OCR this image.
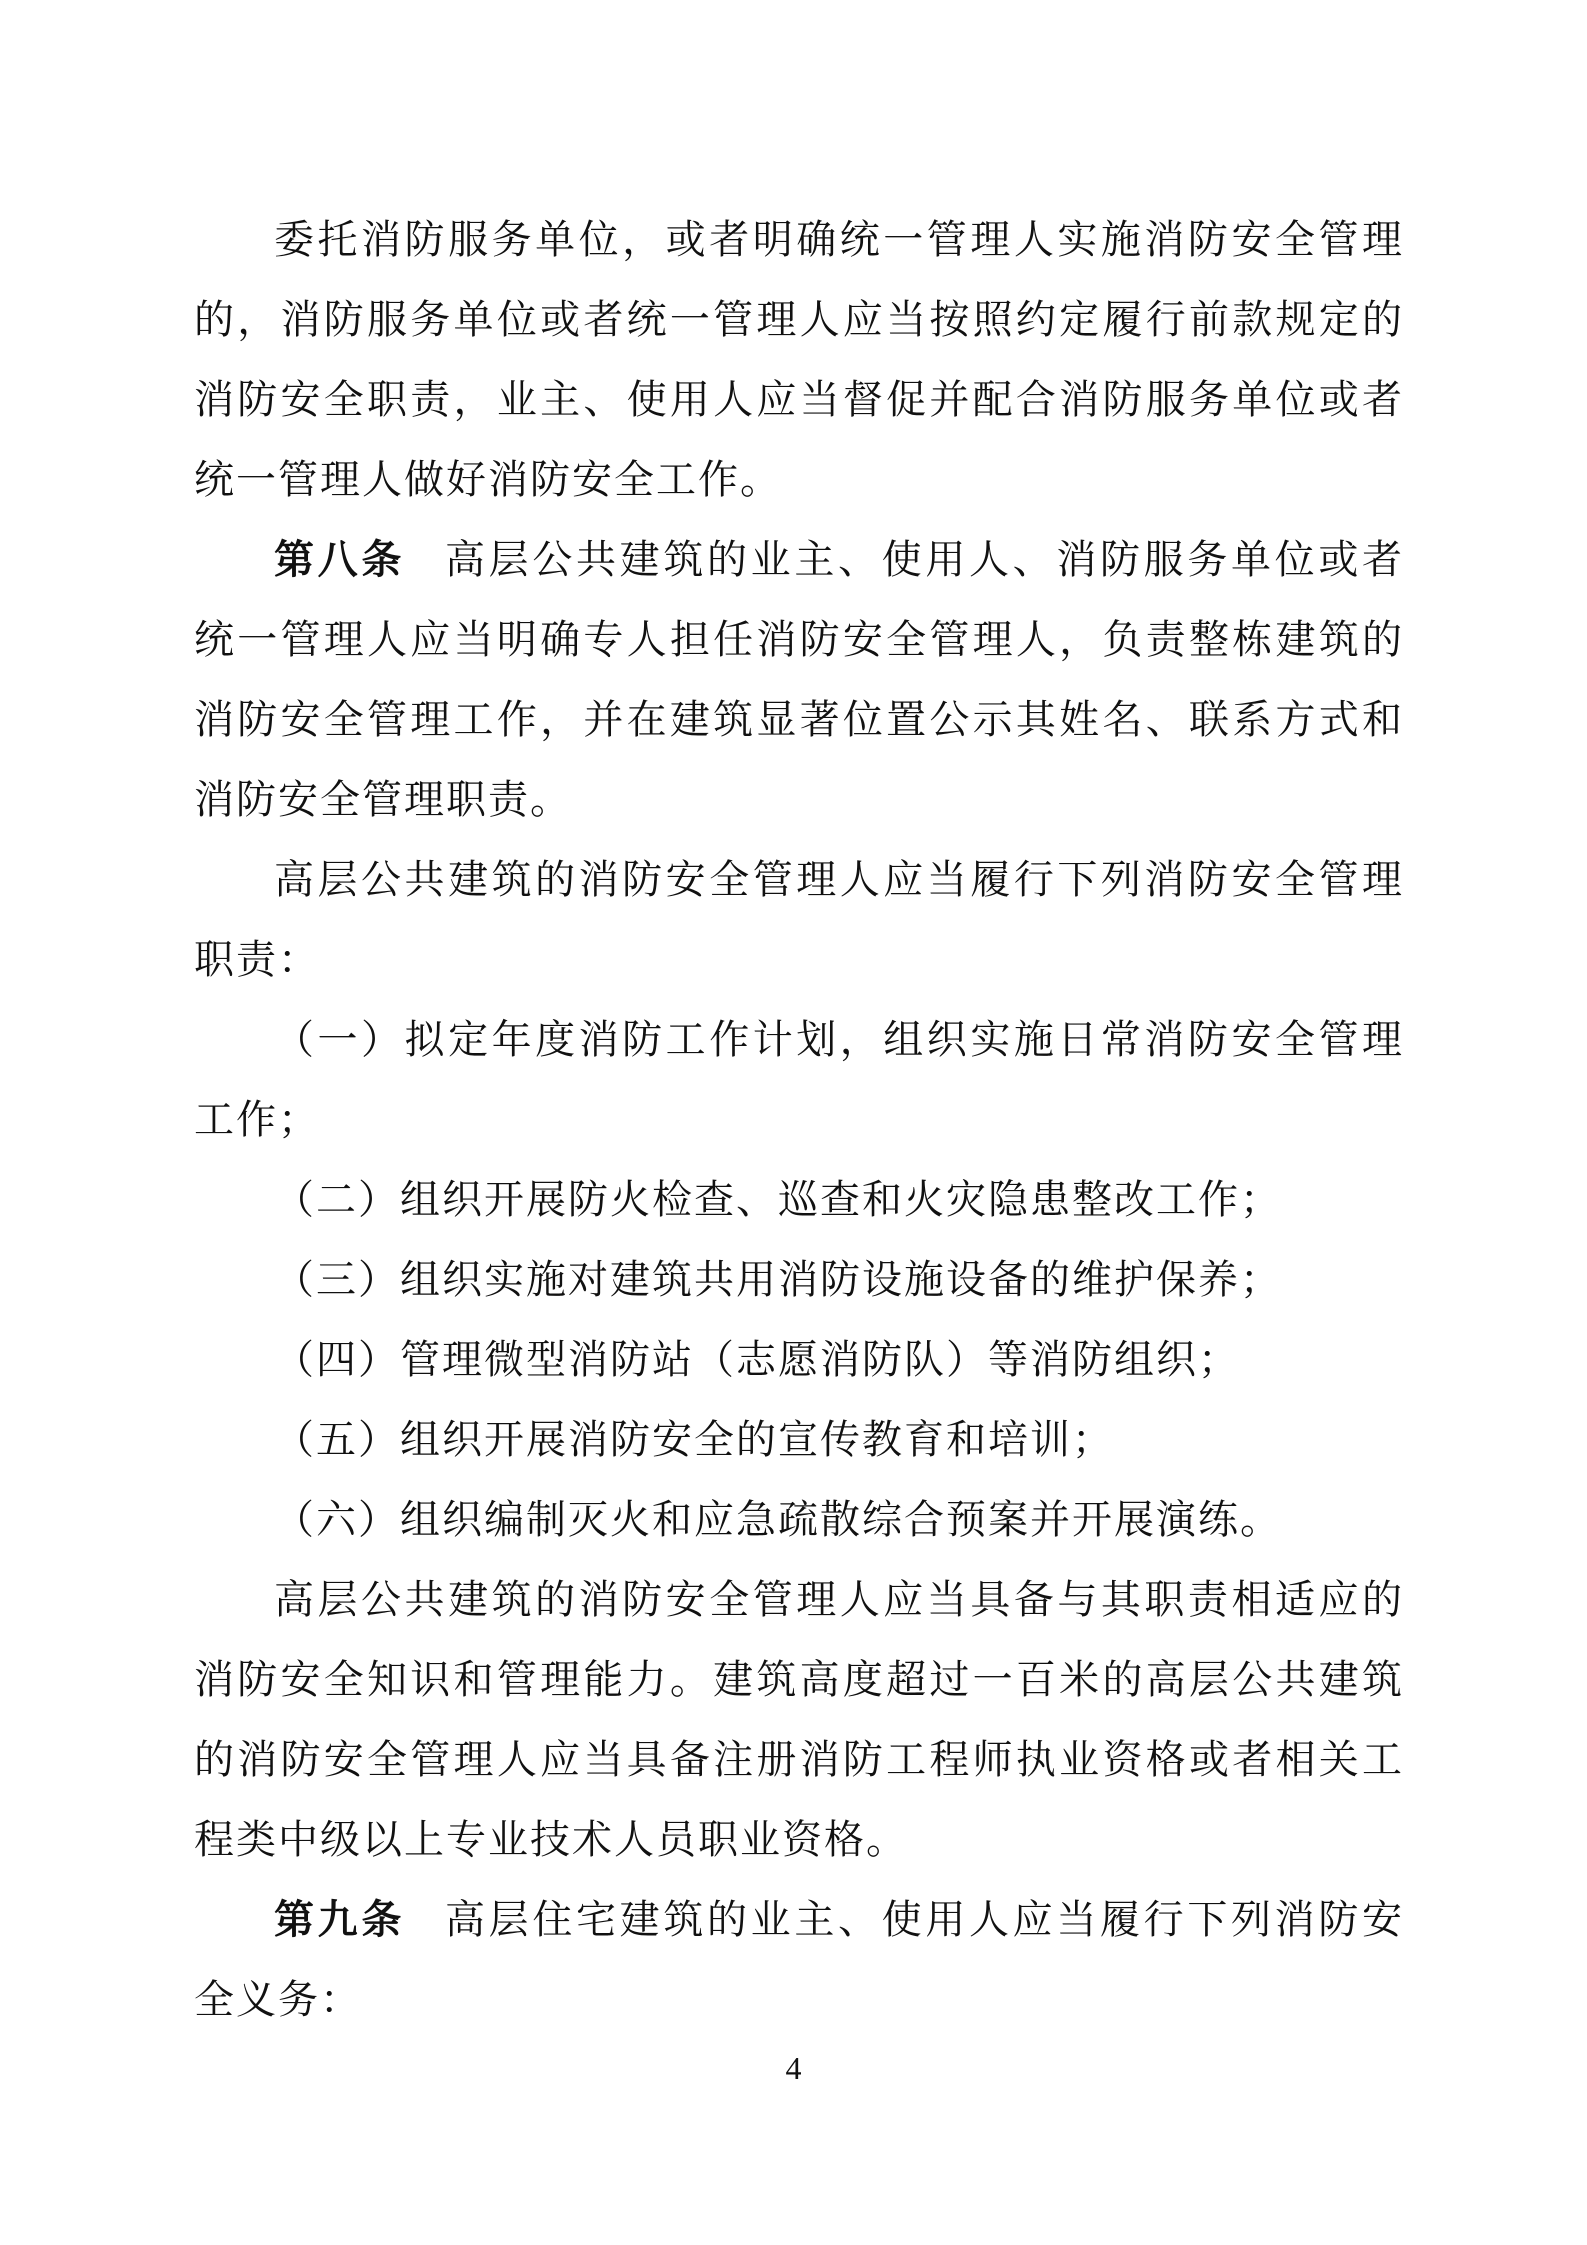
委托消防服务单位，或者明确统一管理人实施消防安全管理的，消防服务单位或者统一管理人应当按照约定履行前款规定的消防安全职责，业主、使用人应当督促并配合消防服务单位或者统一管理人做好消防安全工作。

第八条 高层公共建筑的业主、使用人、消防服务单位或者统一管理人应当明确专人担任消防安全管理人，负责整栋建筑的消防安全管理工作，并在建筑显著位置公示其姓名、联系方式和消防安全管理职责。

高层公共建筑的消防安全管理人应当履行下列消防安全管理职责：

（一）拟定年度消防工作计划，组织实施日常消防安全管理工作；

（二）组织开展防火检查、巡查和火灾隐患整改工作；

（三）组织实施对建筑共用消防设施设备的维护保养；

（四）管理微型消防站（志愿消防队）等消防组织；

（五）组织开展消防安全的宣传教育和培训；

（六）组织编制灭火和应急疏散综合预案并开展演练。

高层公共建筑的消防安全管理人应当具备与其职责相适应的消防安全知识和管理能力。建筑高度超过一百米的高层公共建筑的消防安全管理人应当具备注册消防工程师执业资格或者相关工程类中级以上专业技术人员职业资格。

第九条 高层住宅建筑的业主、使用人应当履行下列消防安全义务：

4
